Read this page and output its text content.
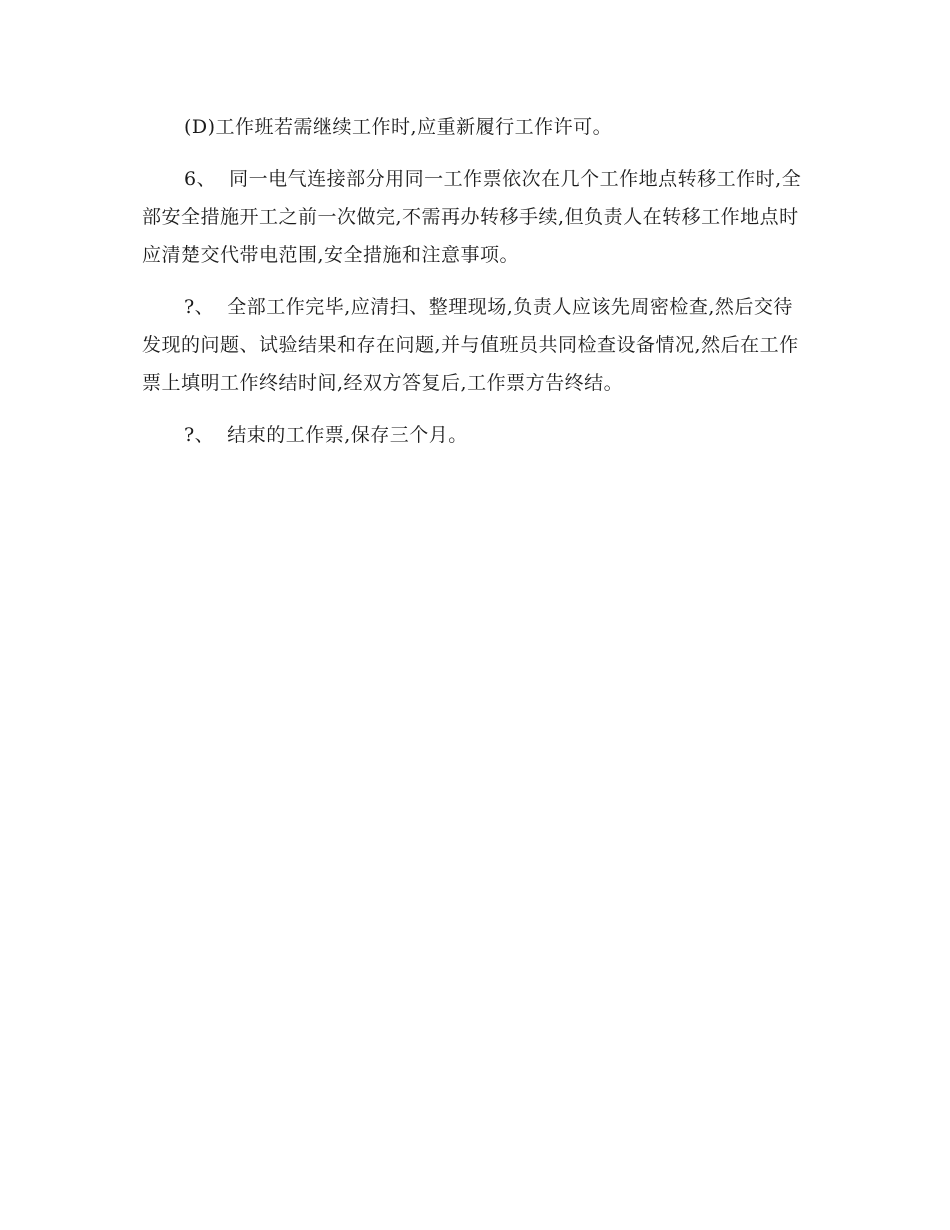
(D)工作班若需继续工作时,应重新履行工作许可。

6、  同一电气连接部分用同一工作票依次在几个工作地点转移工作时,全部安全措施开工之前一次做完,不需再办转移手续,但负责人在转移工作地点时应清楚交代带电范围,安全措施和注意事项。

?、  全部工作完毕,应清扫、整理现场,负责人应该先周密检查,然后交待发现的问题、试验结果和存在问题,并与值班员共同检查设备情况,然后在工作票上填明工作终结时间,经双方答复后,工作票方告终结。

?、  结束的工作票,保存三个月。
